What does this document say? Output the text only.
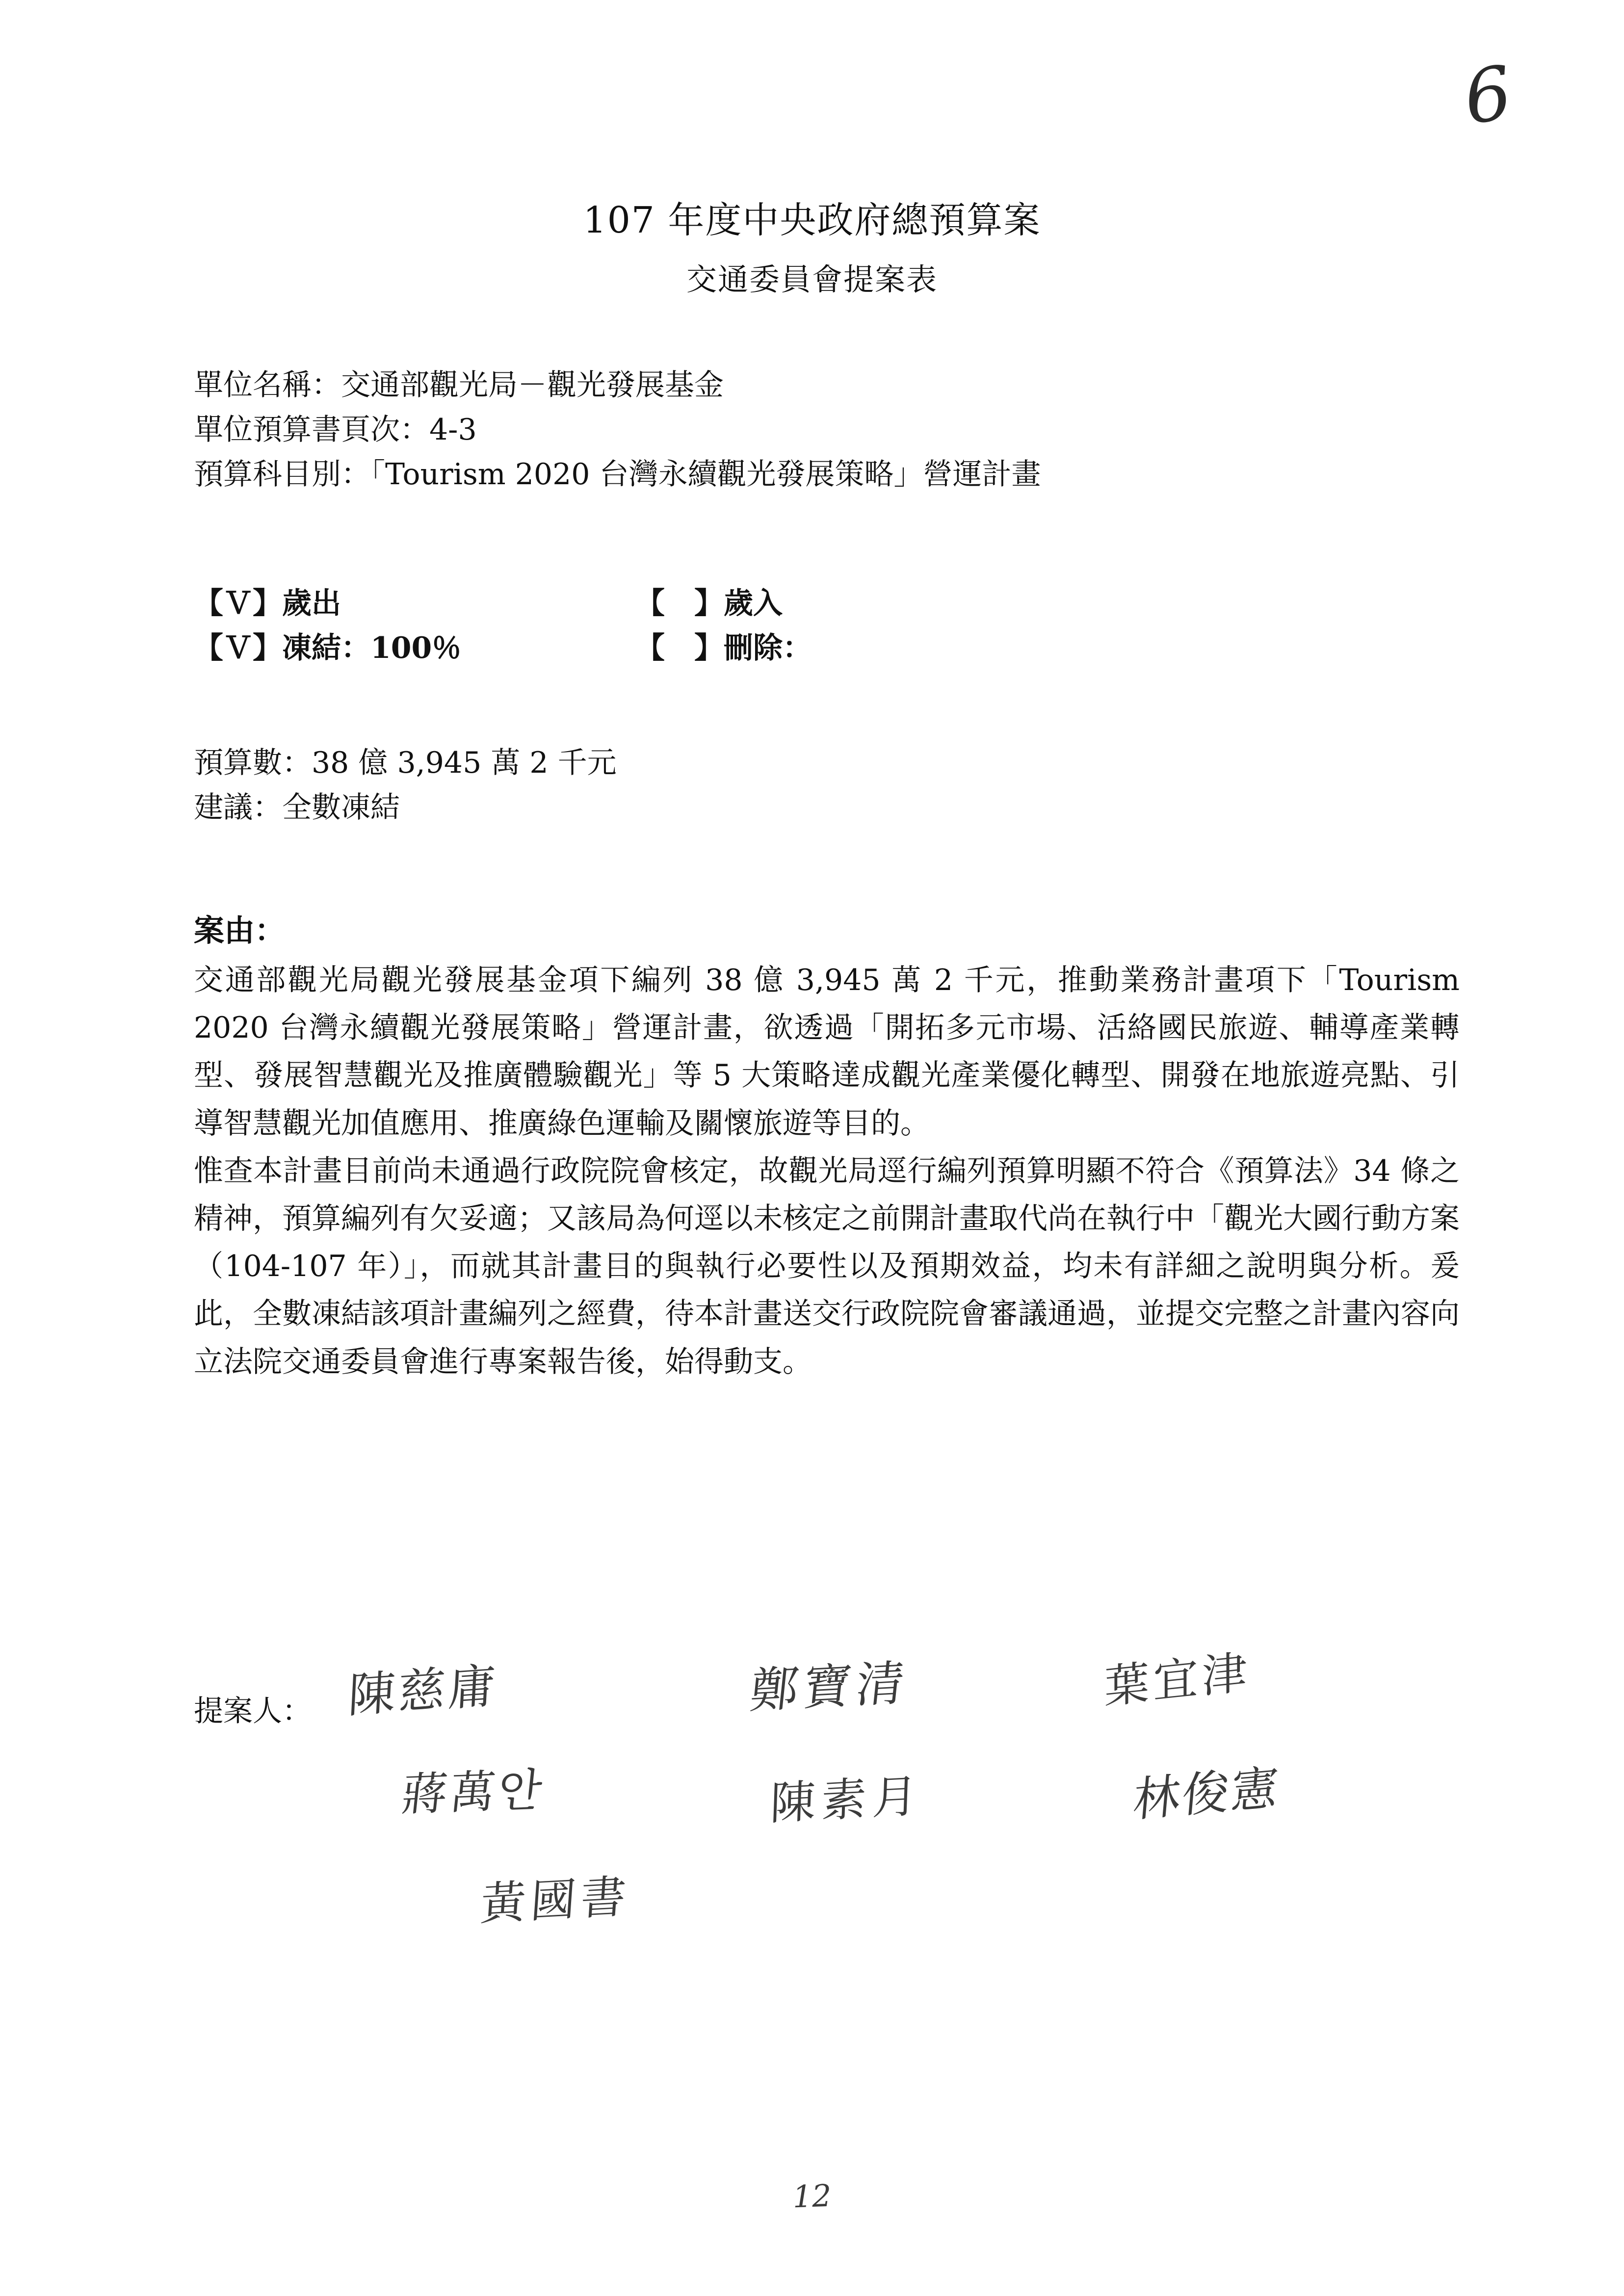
6
107 年度中央政府總預算案
交通委員會提案表
單位名稱：交通部觀光局－觀光發展基金
單位預算書頁次：4-3
預算科目別：「Tourism 2020 台灣永續觀光發展策略」營運計畫
【Ｖ】歲出	【　】歲入
【Ｖ】凍結：100％	【　】刪除：
預算數：38 億 3,945 萬 2 千元
建議：全數凍結
案由：

交通部觀光局觀光發展基金項下編列 38 億 3,945 萬 2 千元，推動業務計畫項下「Tourism 2020 台灣永續觀光發展策略」營運計畫，欲透過「開拓多元市場、活絡國民旅遊、輔導產業轉型、發展智慧觀光及推廣體驗觀光」等 5 大策略達成觀光產業優化轉型、開發在地旅遊亮點、引導智慧觀光加值應用、推廣綠色運輸及關懷旅遊等目的。

惟查本計畫目前尚未通過行政院院會核定，故觀光局逕行編列預算明顯不符合《預算法》34 條之精神，預算編列有欠妥適；又該局為何逕以未核定之前開計畫取代尚在執行中「觀光大國行動方案（104-107 年）」，而就其計畫目的與執行必要性以及預期效益，均未有詳細之說明與分析。爰此，全數凍結該項計畫編列之經費，待本計畫送交行政院院會審議通過，並提交完整之計畫內容向立法院交通委員會進行專案報告後，始得動支。

提案人： 陳慈庸	鄭寶清	葉宜津
蔣萬안	陳素月	林俊憲
黃國書
12
